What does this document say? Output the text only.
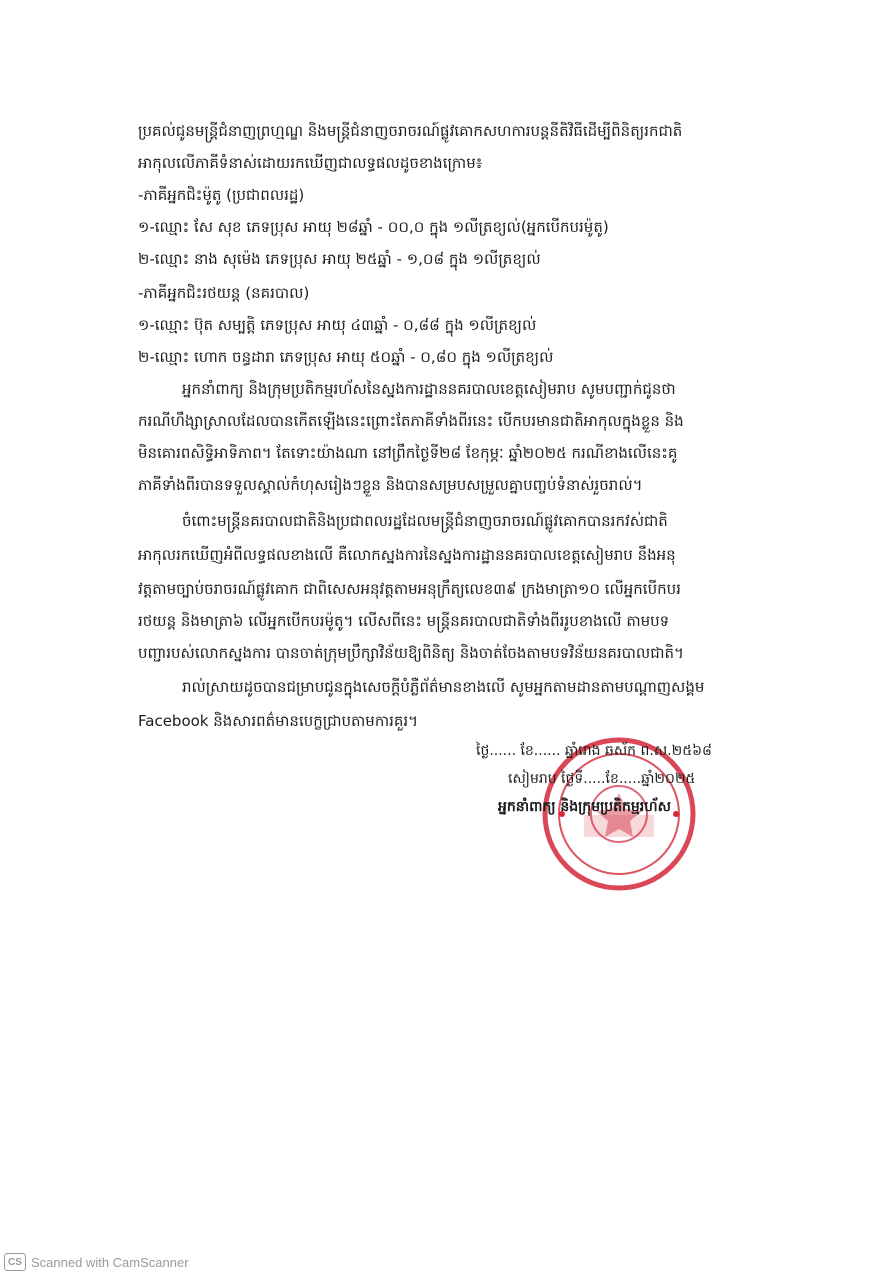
ប្រគល់ជូនមន្រ្តីជំនាញព្រហ្មណ្ឌ និងមន្រ្តីជំនាញចរាចរណ៍ផ្លូវគោកសហការបន្តនីតិវិធីដើម្បីពិនិត្យរកជាតិ
អាកុលលើភាគីទំនាស់ដោយរកឃើញជាលទ្ធផលដូចខាងក្រោម៖
-ភាគីអ្នកជិះម៉ូតូ (ប្រជាពលរដ្ឋ)
១-ឈ្មោះ សែ សុខ ភេទប្រុស អាយុ ២៨ឆ្នាំ - ០០,០ ក្នុង ១លីត្រខ្យល់(អ្នកបើកបរម៉ូតូ)
២-ឈ្មោះ នាង សុម៉េង ភេទប្រុស អាយុ ២៥ឆ្នាំ - ១,០៨ ក្នុង ១លីត្រខ្យល់
-ភាគីអ្នកជិះរថយន្ត (នគរបាល)
១-ឈ្មោះ ប៊ុត សម្បត្តិ ភេទប្រុស អាយុ ៤៣ឆ្នាំ - ០,៨៨ ក្នុង ១លីត្រខ្យល់
២-ឈ្មោះ ហោក ចន្ធដារា ភេទប្រុស អាយុ ៥០ឆ្នាំ - ០,៨០ ក្នុង ១លីត្រខ្យល់
អ្នកនាំពាក្យ និងក្រុមប្រតិកម្មរហ័សនៃស្នងការដ្ឋាននគរបាលខេត្តសៀមរាប សូមបញ្ជាក់ជូនថា
ករណីហឹង្សាស្រាលដែលបានកើតឡើងនេះព្រោះតែភាគីទាំងពីរនេះ បើកបរមានជាតិអាកុលក្នុងខ្លួន និង
មិនគោរពសិទ្ធិអាទិភាព។ តែទោះយ៉ាងណា នៅព្រឹកថ្ងៃទី២៨ ខែកុម្ភៈ ឆ្នាំ២០២៥ ករណីខាងលើនេះគូ
ភាគីទាំងពីរបានទទួលស្គាល់កំហុសរៀងៗខ្លួន និងបានសម្របសម្រួលគ្នាបញ្ចប់ទំនាស់រួចរាល់។
ចំពោះមន្រ្តីនគរបាលជាតិនិងប្រជាពលរដ្ឋដែលមន្ត្រីជំនាញចរាចរណ៍ផ្លូវគោកបានរកវស់ជាតិ
អាកុលរកឃើញអំពីលទ្ធផលខាងលើ គឺលោកស្នងការនៃស្នងការដ្ឋាននគរបាលខេត្តសៀមរាប នឹងអនុ
វត្តតាមច្បាប់ចរាចរណ៍ផ្លូវគោក ជាពិសេសអនុវត្តតាមអនុក្រឹត្យលេខ៣៩ ក្រងមាត្រា១០ លើអ្នកបើកបរ
រថយន្ត និងមាត្រា៦ លើអ្នកបើកបរម៉ូតូ។ លើសពីនេះ មន្រ្តីនគរបាលជាតិទាំងពីររូបខាងលើ តាមបទ
បញ្ជារបស់លោកស្នងការ បានចាត់ក្រុមប្រឹក្សាវិន័យឱ្យពិនិត្យ និងចាត់ចែងតាមបទវិន័យនគរបាលជាតិ។
រាល់ស្រាយដូចបានជម្រាបជូនក្នុងសេចក្ដីបំភ្លឺព័ត៌មានខាងលើ សូមអ្នកតាមដានតាមបណ្ដាញសង្គម
Facebook និងសារពត៌មានបេក្ខជ្រាបតាមការគួរ។
ថ្ងៃ...... ខែ...... ឆ្នាំរោង ឆស័ក ព.ស.២៥៦៨
សៀមរាប ថ្ងៃទី.....ខែ.....ឆ្នាំ២០២៥
អ្នកនាំពាក្យ និងក្រុមប្រតិកម្មរហ័ស
CS Scanned with CamScanner
